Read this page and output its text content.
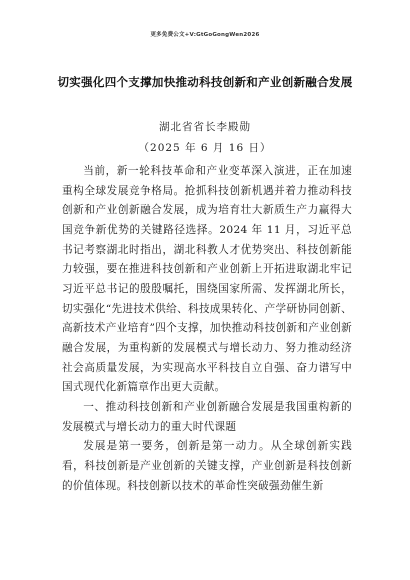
更多免费公文+V:GtGoGongWen2026
切实强化四个支撑加快推动科技创新和产业创新融合发展
湖北省省长李殿勋
（2025 年 6 月 16 日）

当前，新一轮科技革命和产业变革深入演进，正在加速重构全球发展竞争格局。抢抓科技创新机遇并着力推动科技创新和产业创新融合发展，成为培育壮大新质生产力赢得大国竞争新优势的关键路径选择。2024 年 11 月，习近平总书记考察湖北时指出，湖北科教人才优势突出、科技创新能力较强，要在推进科技创新和产业创新上开拓进取湖北牢记习近平总书记的殷殷嘱托，围绕国家所需、发挥湖北所长，切实强化“先进技术供给、科技成果转化、产学研协同创新、高新技术产业培育”四个支撑，加快推动科技创新和产业创新融合发展，为重构新的发展模式与增长动力、努力推动经济社会高质量发展，为实现高水平科技自立自强、奋力谱写中国式现代化新篇章作出更大贡献。

一、推动科技创新和产业创新融合发展是我国重构新的发展模式与增长动力的重大时代课题

发展是第一要务，创新是第一动力。从全球创新实践看，科技创新是产业创新的关键支撑，产业创新是科技创新的价值体现。科技创新以技术的革命性突破强劲催生新
